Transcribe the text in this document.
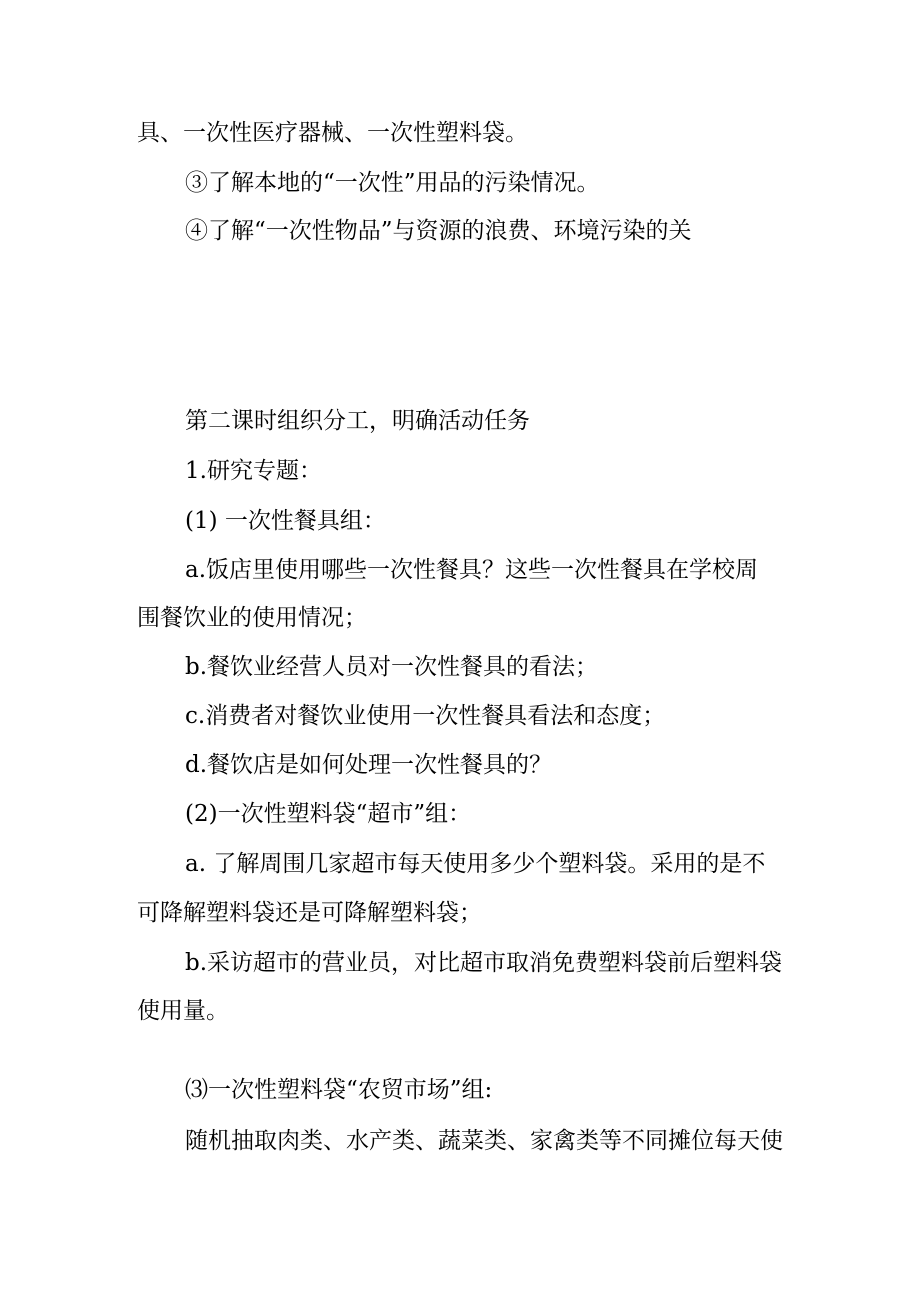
具、一次性医疗器械、一次性塑料袋。
③了解本地的“一次性”用品的污染情况。
④了解“一次性物品”与资源的浪费、环境污染的关
第二课时组织分工，明确活动任务
1.研究专题：
(1) 一次性餐具组：
a.饭店里使用哪些一次性餐具？这些一次性餐具在学校周
围餐饮业的使用情况；
b.餐饮业经营人员对一次性餐具的看法；
c.消费者对餐饮业使用一次性餐具看法和态度；
d.餐饮店是如何处理一次性餐具的？
(2)一次性塑料袋“超市”组：
a. 了解周围几家超市每天使用多少个塑料袋。采用的是不
可降解塑料袋还是可降解塑料袋；
b.采访超市的营业员，对比超市取消免费塑料袋前后塑料袋
使用量。
⑶一次性塑料袋“农贸市场”组:
随机抽取肉类、水产类、蔬菜类、家禽类等不同摊位每天使
